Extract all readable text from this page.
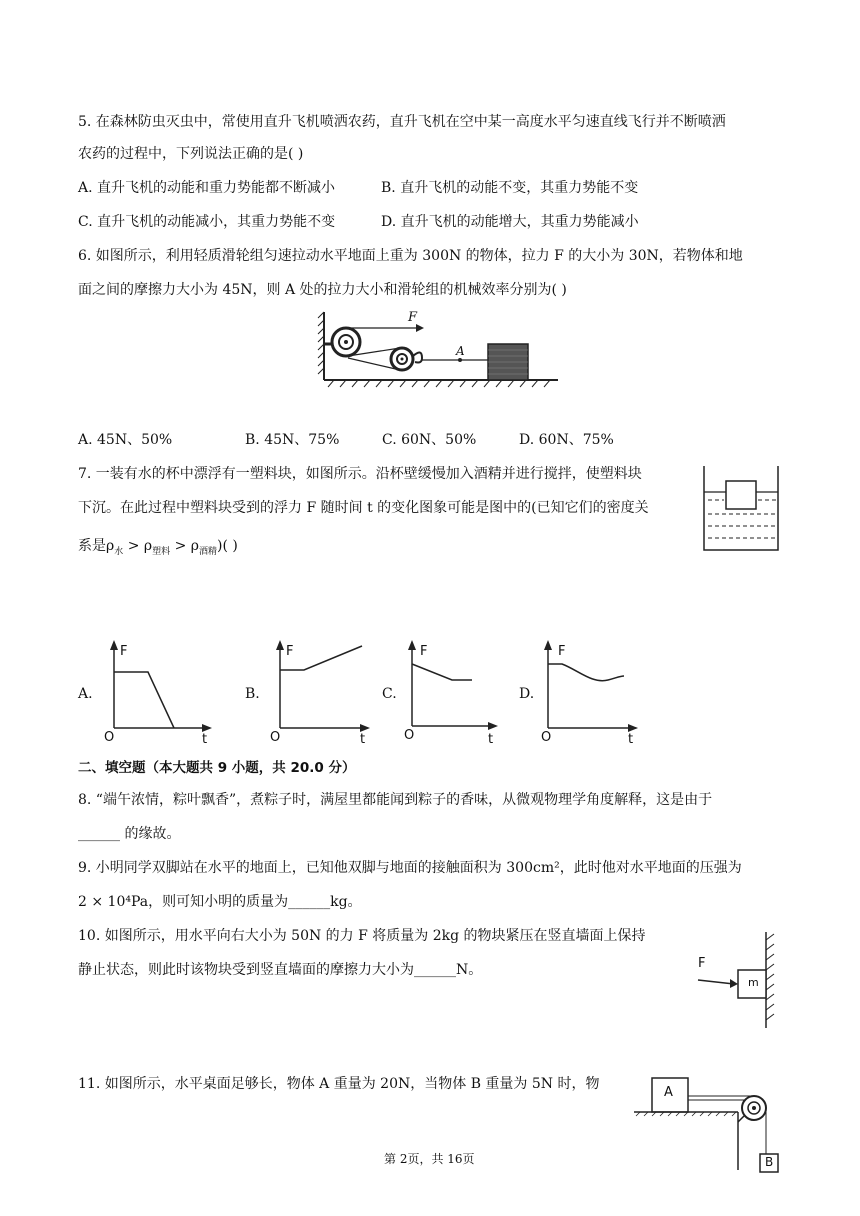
5. 在森林防虫灭虫中，常使用直升飞机喷洒农药，直升飞机在空中某一高度水平匀速直线飞行并不断喷洒
农药的过程中，下列说法正确的是( )
A. 直升飞机的动能和重力势能都不断减小	B. 直升飞机的动能不变，其重力势能不变
C. 直升飞机的动能减小，其重力势能不变	D. 直升飞机的动能增大，其重力势能减小
6. 如图所示，利用轻质滑轮组匀速拉动水平地面上重为 300N 的物体，拉力 F 的大小为 30N，若物体和地
面之间的摩擦力大小为 45N，则 A 处的拉力大小和滑轮组的机械效率分别为( )
F
A
A. 45N、50%	B. 45N、75%	C. 60N、50%	D. 60N、75%
7. 一装有水的杯中漂浮有一塑料块，如图所示。沿杯壁缓慢加入酒精并进行搅拌，使塑料块
下沉。在此过程中塑料块受到的浮力 F 随时间 t 的变化图象可能是图中的(已知它们的密度关
系是$\rho_水 > \rho_{塑料} > \rho_{酒精}$)( )
A.
F
t
O
B.
F
t
O
C.
F
t
O
D.
F
t
O
二、填空题（本大题共 9 小题，共 20.0 分）
8. “端午浓情，粽叶飘香”，煮粽子时，满屋里都能闻到粽子的香味，从微观物理学角度解释，这是由于
______ 的缘故。
9. 小明同学双脚站在水平的地面上，已知他双脚与地面的接触面积为 300cm²，此时他对水平地面的压强为
2 × 10⁴Pa，则可知小明的质量为______kg。
10. 如图所示，用水平向右大小为 50N 的力 F 将质量为 2kg 的物块紧压在竖直墙面上保持
静止状态，则此时该物块受到竖直墙面的摩擦力大小为______N。	F
m
11. 如图所示，水平桌面足够长，物体 A 重量为 20N，当物体 B 重量为 5N 时，物
A
B
第 2页，共 16页
